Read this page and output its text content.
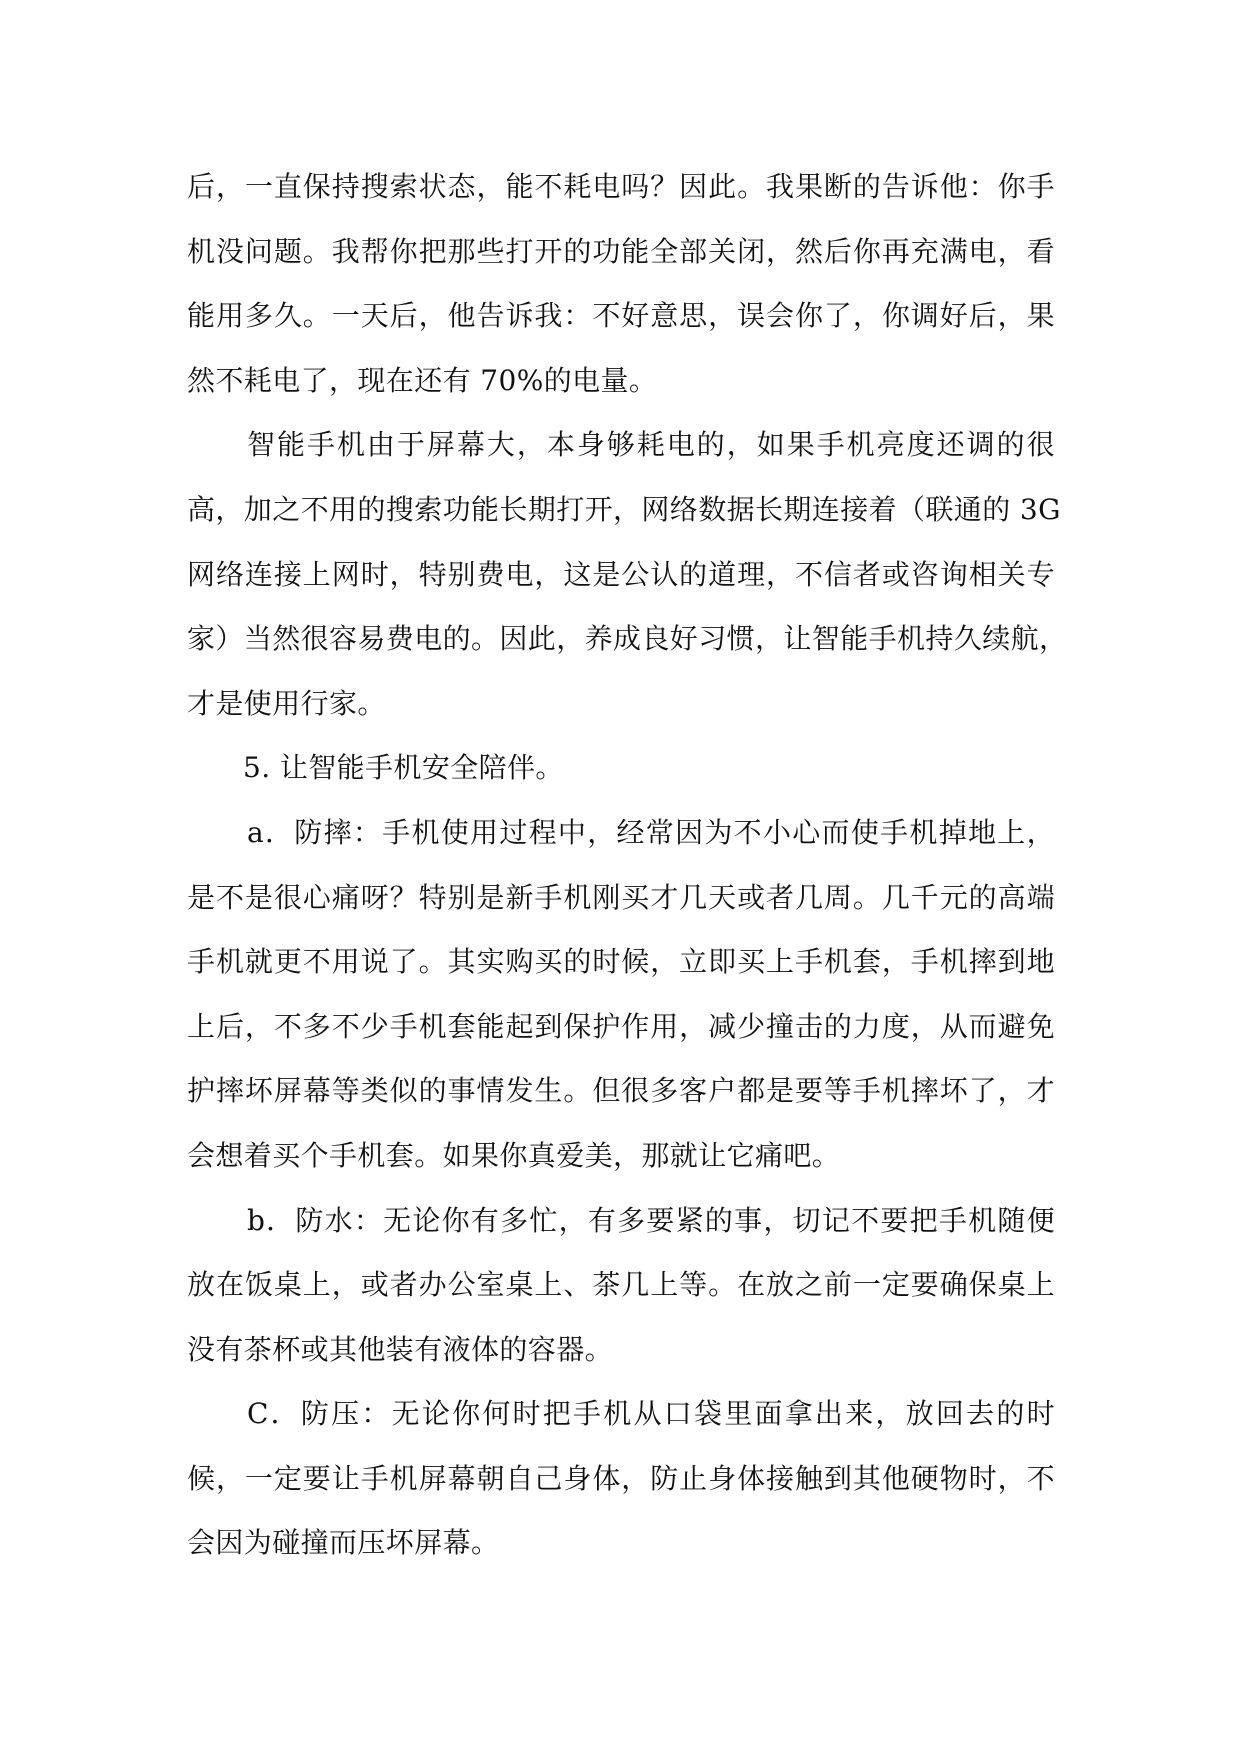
后，一直保持搜索状态，能不耗电吗？因此。我果断的告诉他：你手
机没问题。我帮你把那些打开的功能全部关闭，然后你再充满电，看
能用多久。一天后，他告诉我：不好意思，误会你了，你调好后，果
然不耗电了，现在还有 70%的电量。
智能手机由于屏幕大，本身够耗电的，如果手机亮度还调的很
高，加之不用的搜索功能长期打开，网络数据长期连接着（联通的 3G
网络连接上网时，特别费电，这是公认的道理，不信者或咨询相关专
家）当然很容易费电的。因此，养成良好习惯，让智能手机持久续航，
才是使用行家。
5. 让智能手机安全陪伴。
a．防摔：手机使用过程中，经常因为不小心而使手机掉地上，
是不是很心痛呀？特别是新手机刚买才几天或者几周。几千元的高端
手机就更不用说了。其实购买的时候，立即买上手机套，手机摔到地
上后，不多不少手机套能起到保护作用，减少撞击的力度，从而避免
护摔坏屏幕等类似的事情发生。但很多客户都是要等手机摔坏了，才
会想着买个手机套。如果你真爱美，那就让它痛吧。
b．防水：无论你有多忙，有多要紧的事，切记不要把手机随便
放在饭桌上，或者办公室桌上、茶几上等。在放之前一定要确保桌上
没有茶杯或其他装有液体的容器。
C．防压：无论你何时把手机从口袋里面拿出来，放回去的时
候，一定要让手机屏幕朝自己身体，防止身体接触到其他硬物时，不
会因为碰撞而压坏屏幕。
